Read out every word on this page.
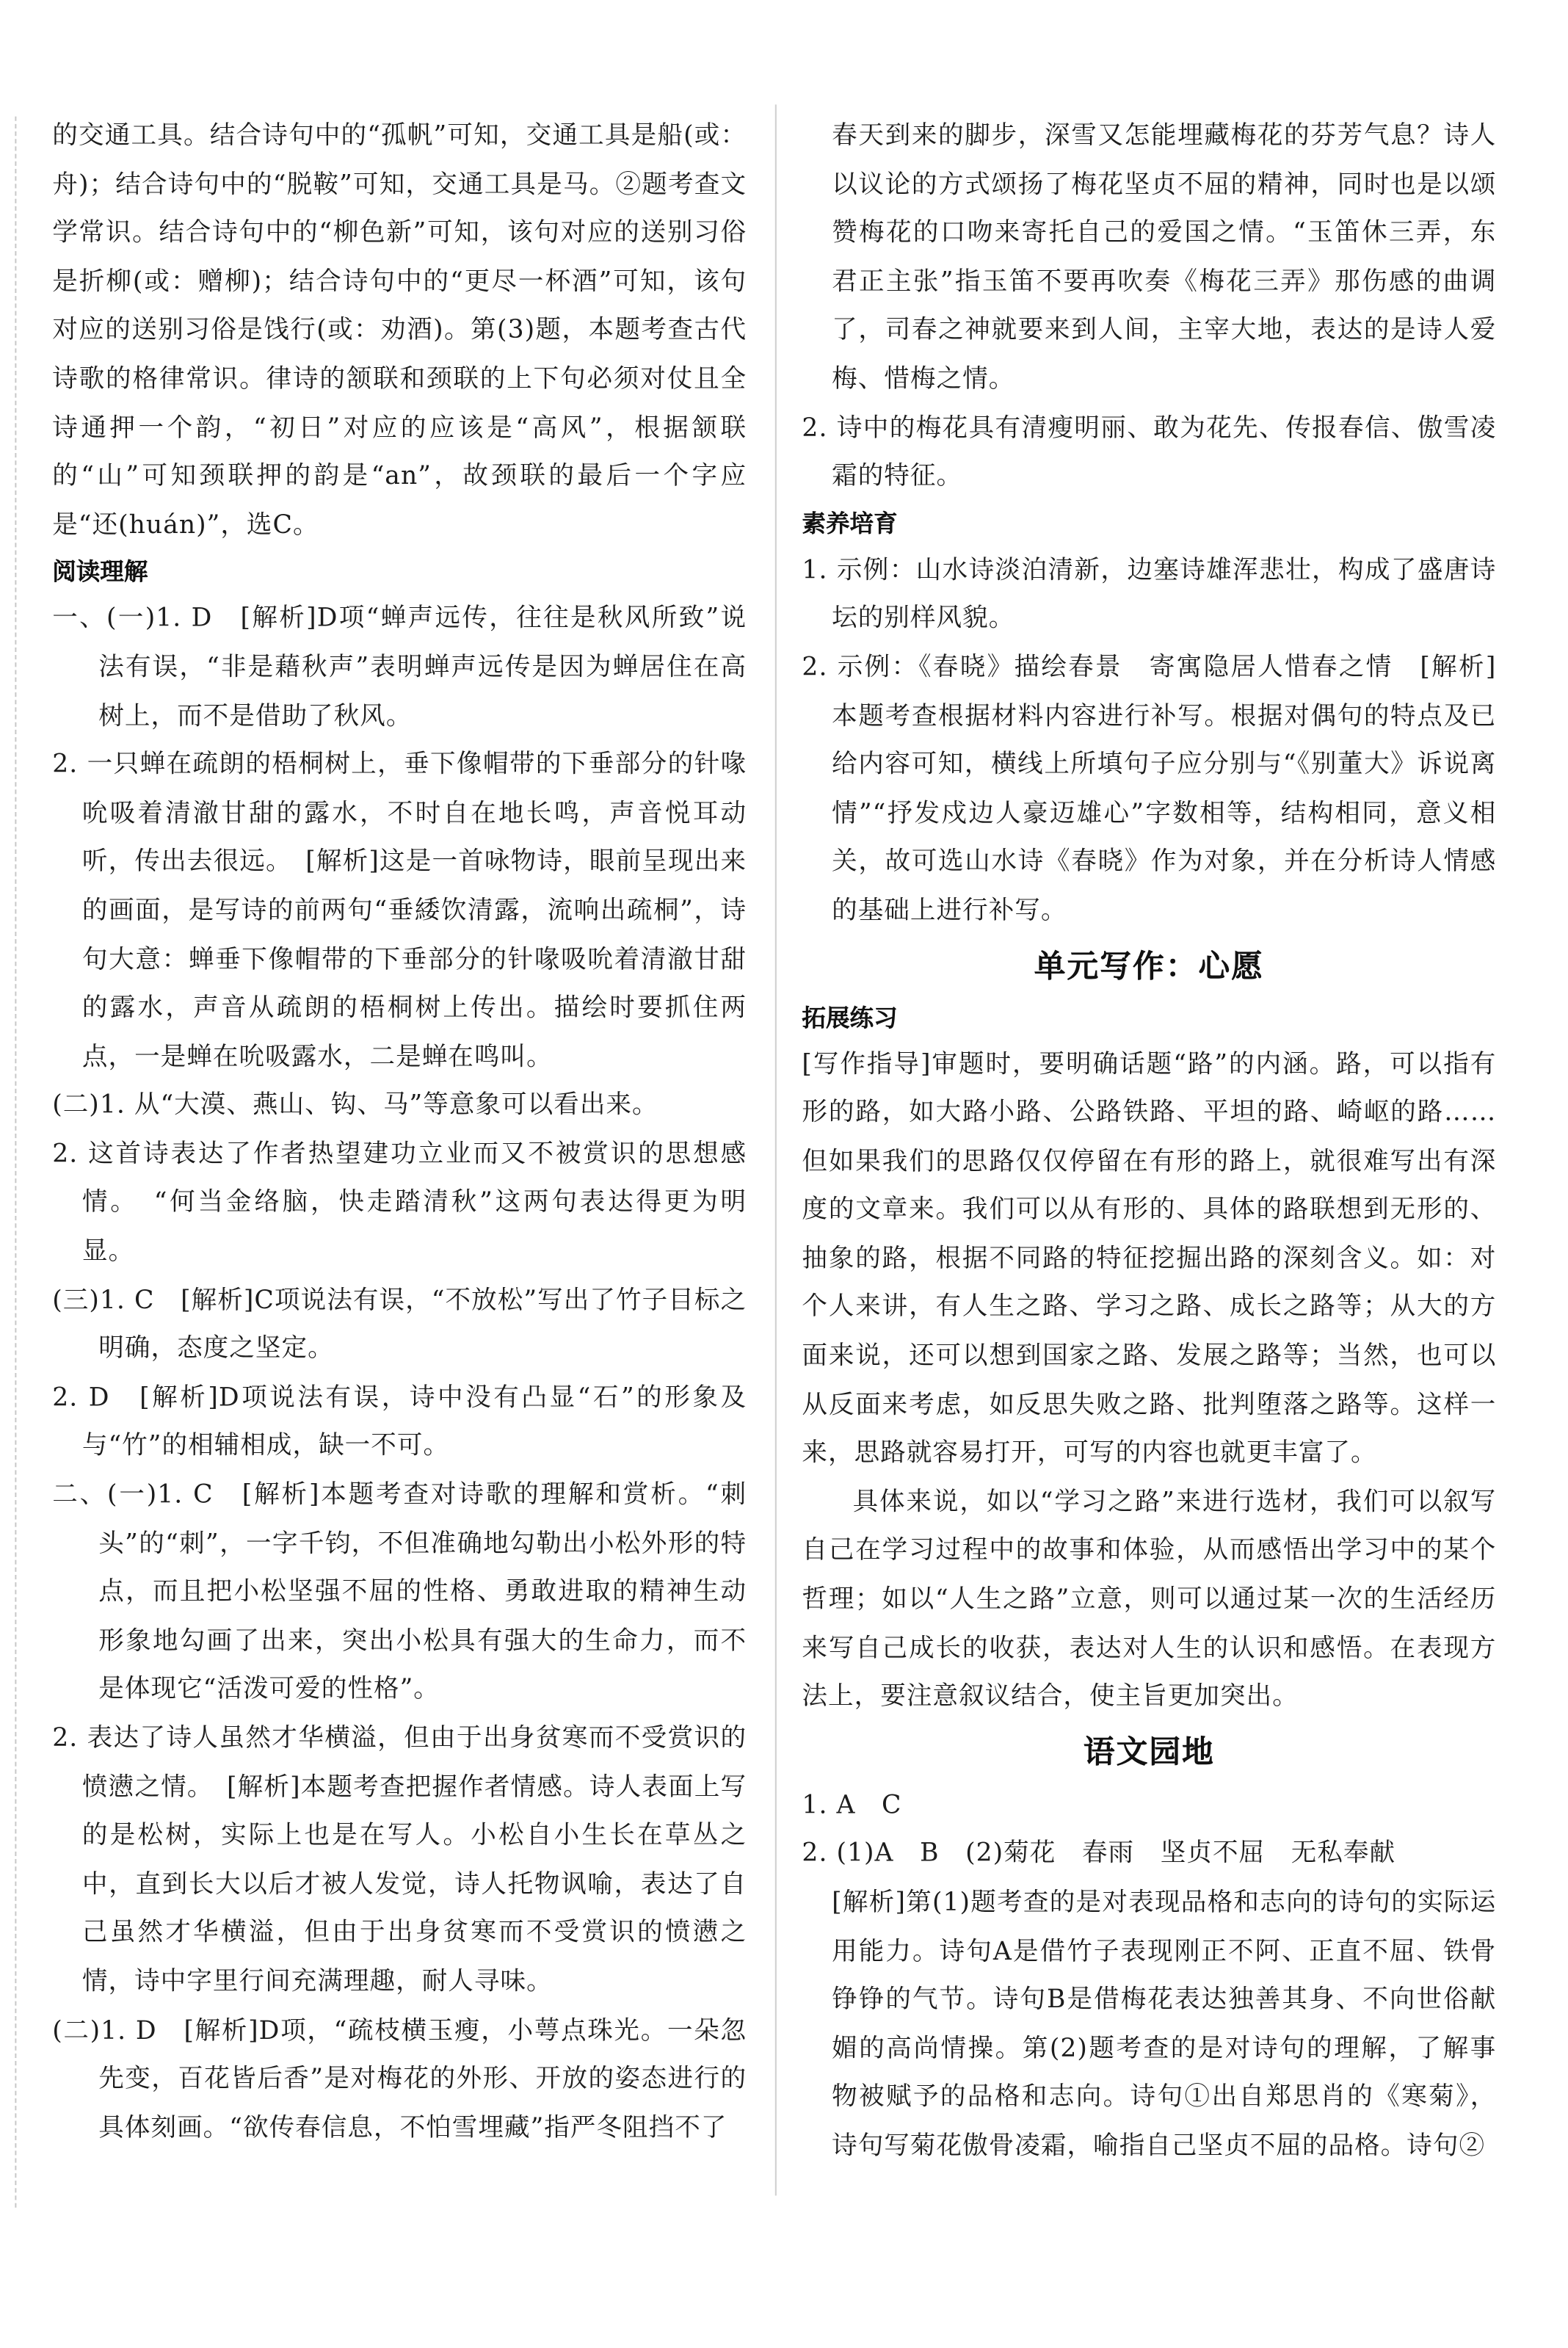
的交通工具。结合诗句中的“孤帆”可知，交通工具是船(或：舟)；结合诗句中的“脱鞍”可知，交通工具是马。②题考查文学常识。结合诗句中的“柳色新”可知，该句对应的送别习俗是折柳(或：赠柳)；结合诗句中的“更尽一杯酒”可知，该句对应的送别习俗是饯行(或：劝酒)。第(3)题，本题考查古代诗歌的格律常识。律诗的颔联和颈联的上下句必须对仗且全诗通押一个韵，“初日”对应的应该是“高风”，根据颔联的“山”可知颈联押的韵是“an”，故颈联的最后一个字应是“还(huán)”，选C。

阅读理解

一、(一)1. D　[解析]D项“蝉声远传，往往是秋风所致”说法有误，“非是藉秋声”表明蝉声远传是因为蝉居住在高树上，而不是借助了秋风。

2. 一只蝉在疏朗的梧桐树上，垂下像帽带的下垂部分的针喙吮吸着清澈甘甜的露水，不时自在地长鸣，声音悦耳动听，传出去很远。　[解析]这是一首咏物诗，眼前呈现出来的画面，是写诗的前两句“垂緌饮清露，流响出疏桐”，诗句大意：蝉垂下像帽带的下垂部分的针喙吸吮着清澈甘甜的露水，声音从疏朗的梧桐树上传出。描绘时要抓住两点，一是蝉在吮吸露水，二是蝉在鸣叫。

(二)1. 从“大漠、燕山、钩、马”等意象可以看出来。

2. 这首诗表达了作者热望建功立业而又不被赏识的思想感情。　“何当金络脑，快走踏清秋”这两句表达得更为明显。

(三)1. C　[解析]C项说法有误，“不放松”写出了竹子目标之明确，态度之坚定。

2. D　[解析]D项说法有误，诗中没有凸显“石”的形象及与“竹”的相辅相成，缺一不可。

二、(一)1. C　[解析]本题考查对诗歌的理解和赏析。“刺头”的“刺”，一字千钧，不但准确地勾勒出小松外形的特点，而且把小松坚强不屈的性格、勇敢进取的精神生动形象地勾画了出来，突出小松具有强大的生命力，而不是体现它“活泼可爱的性格”。

2. 表达了诗人虽然才华横溢，但由于出身贫寒而不受赏识的愤懑之情。　[解析]本题考查把握作者情感。诗人表面上写的是松树，实际上也是在写人。小松自小生长在草丛之中，直到长大以后才被人发觉，诗人托物讽喻，表达了自己虽然才华横溢，但由于出身贫寒而不受赏识的愤懑之情，诗中字里行间充满理趣，耐人寻味。

(二)1. D　[解析]D项，“疏枝横玉瘦，小萼点珠光。一朵忽先变，百花皆后香”是对梅花的外形、开放的姿态进行的具体刻画。“欲传春信息，不怕雪埋藏”指严冬阻挡不了

春天到来的脚步，深雪又怎能埋藏梅花的芬芳气息？诗人以议论的方式颂扬了梅花坚贞不屈的精神，同时也是以颂赞梅花的口吻来寄托自己的爱国之情。“玉笛休三弄，东君正主张”指玉笛不要再吹奏《梅花三弄》那伤感的曲调了，司春之神就要来到人间，主宰大地，表达的是诗人爱梅、惜梅之情。

2. 诗中的梅花具有清瘦明丽、敢为花先、传报春信、傲雪凌霜的特征。

素养培育

1. 示例：山水诗淡泊清新，边塞诗雄浑悲壮，构成了盛唐诗坛的别样风貌。

2. 示例：《春晓》描绘春景　寄寓隐居人惜春之情　[解析]本题考查根据材料内容进行补写。根据对偶句的特点及已给内容可知，横线上所填句子应分别与“《别董大》诉说离情”“抒发戍边人豪迈雄心”字数相等，结构相同，意义相关，故可选山水诗《春晓》作为对象，并在分析诗人情感的基础上进行补写。

单元写作：心愿

拓展练习

[写作指导]审题时，要明确话题“路”的内涵。路，可以指有形的路，如大路小路、公路铁路、平坦的路、崎岖的路……但如果我们的思路仅仅停留在有形的路上，就很难写出有深度的文章来。我们可以从有形的、具体的路联想到无形的、抽象的路，根据不同路的特征挖掘出路的深刻含义。如：对个人来讲，有人生之路、学习之路、成长之路等；从大的方面来说，还可以想到国家之路、发展之路等；当然，也可以从反面来考虑，如反思失败之路、批判堕落之路等。这样一来，思路就容易打开，可写的内容也就更丰富了。

具体来说，如以“学习之路”来进行选材，我们可以叙写自己在学习过程中的故事和体验，从而感悟出学习中的某个哲理；如以“人生之路”立意，则可以通过某一次的生活经历来写自己成长的收获，表达对人生的认识和感悟。在表现方法上，要注意叙议结合，使主旨更加突出。

语文园地

1. A　C

2. (1)A　B　(2)菊花　春雨　坚贞不屈　无私奉献

[解析]第(1)题考查的是对表现品格和志向的诗句的实际运用能力。诗句A是借竹子表现刚正不阿、正直不屈、铁骨铮铮的气节。诗句B是借梅花表达独善其身、不向世俗献媚的高尚情操。第(2)题考查的是对诗句的理解，了解事物被赋予的品格和志向。诗句①出自郑思肖的《寒菊》，诗句写菊花傲骨凌霜，喻指自己坚贞不屈的品格。诗句②
